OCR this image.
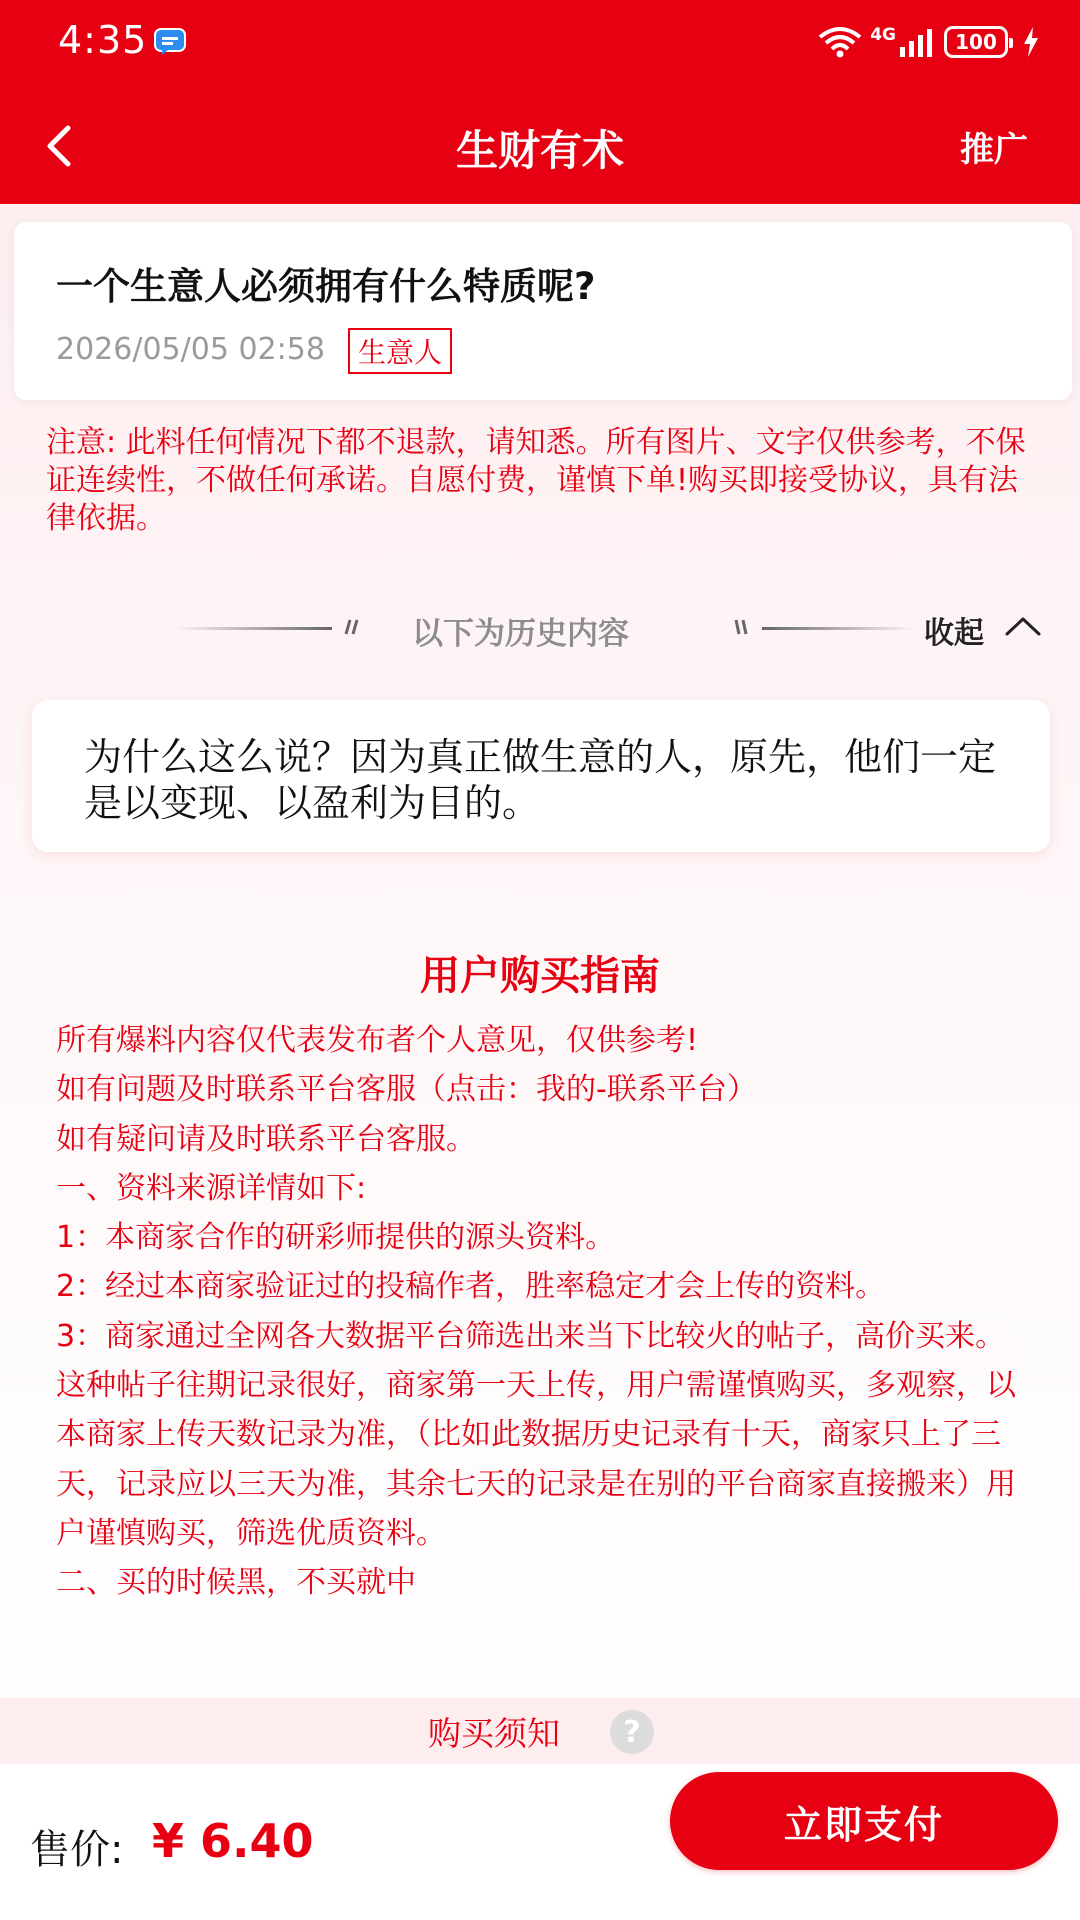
4:35	4G	100
生财有术	推广
一个生意人必须拥有什么特质呢?
2026/05/05 02:58	生意人
注意: 此料任何情况下都不退款，请知悉。所有图片、文字仅供参考，不保证连续性，不做任何承诺。自愿付费，谨慎下单!购买即接受协议，具有法律依据。
以下为历史内容	收起
为什么这么说？因为真正做生意的人，原先，他们一定是以变现、以盈利为目的。
用户购买指南
所有爆料内容仅代表发布者个人意见，仅供参考!
如有问题及时联系平台客服（点击：我的-联系平台）
如有疑问请及时联系平台客服。
一、资料来源详情如下:
1：本商家合作的研彩师提供的源头资料。
2：经过本商家验证过的投稿作者，胜率稳定才会上传的资料。
3：商家通过全网各大数据平台筛选出来当下比较火的帖子，高价买来。这种帖子往期记录很好，商家第一天上传，用户需谨慎购买，多观察，以本商家上传天数记录为准，（比如此数据历史记录有十天，商家只上了三天，记录应以三天为准，其余七天的记录是在别的平台商家直接搬来）用户谨慎购买，筛选优质资料。
二、买的时候黑，不买就中
购买须知	?
售价: ¥ 6.40	立即支付
